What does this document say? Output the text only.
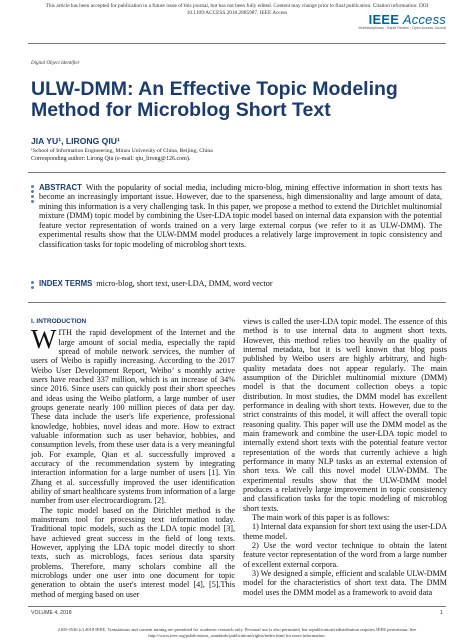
This article has been accepted for publication in a future issue of this journal, but has not been fully edited. Content may change prior to final publication. Citation information: DOI
10.1109/ACCESS.2018.2885987, IEEE Access	IEEE Access
Multidisciplinary : Rapid Review : Open Access Journal
Digital Object Identifier
ULW-DMM: An Effective Topic Modeling Method for Microblog Short Text
JIA YU¹, LIRONG QIU¹
¹School of Information Engineering, Minzu University of China, Beijing, China
Corresponding author: Lirong Qiu (e-mail: qiu_lirong@126.com).
ABSTRACT With the popularity of social media, including micro-blog, mining effective information in short texts has become an increasingly important issue. However, due to the sparseness, high dimensionality and large amount of data, mining this information is a very challenging task. In this paper, we propose a method to extend the Dirichlet multinomial mixture (DMM) topic model by combining the User-LDA topic model based on internal data expansion with the potential feature vector representation of words trained on a very large external corpus (we refer to it as ULW-DMM). The experimental results show that the ULW-DMM model produces a relatively large improvement in topic consistency and classification tasks for topic modeling of microblog short texts.
INDEX TERMS micro-blog, short text, user-LDA, DMM, word vector
I. INTRODUCTION

WITH the rapid development of the Internet and the large amount of social media, especially the rapid spread of mobile network services, the number of users of Weibo is rapidly increasing. According to the 2017 Weibo User Development Report, Weibo’ s monthly active users have reached 337 million, which is an increase of 34% since 2016. Since users can quickly post their short speeches and ideas using the Weibo platform, a large number of user groups generate nearly 100 million pieces of data per day. These data include the user's life experience, professional knowledge, hobbies, novel ideas and more. How to extract valuable information such as user behavior, hobbies, and consumption levels, from these user data is a very meaningful job. For example, Qian et al. successfully improved a accuracy of the recommendation system by integrating interaction information for a large number of users [1]. Yin Zhang et al. successfully improved the user identification ability of smart healthcare systems from information of a large number from user electrocardiogram. [2].

The topic model based on the Dirichlet method is the mainstream tool for processing text information today. Traditional topic models, such as the LDA topic model [3], have achieved great success in the field of long texts. However, applying the LDA topic model directly to short texts, such as microblogs, faces serious data sparsity problems. Therefore, many scholars combine all the microblogs under one user into one document for topic generation to obtain the user's interest model [4], [5].This method of merging based on user

views is called the user-LDA topic model. The essence of this method is to use internal data to augment short texts. However, this method relies too heavily on the quality of internal metadata, but it is well known that blog posts published by Weibo users are highly arbitrary, and high-quality metadata does not appear regularly. The main assumption of the Dirichlet multinomial mixture (DMM) model is that the document collection obeys a topic distribution. In most studies, the DMM model has excellent performance in dealing with short texts. However, due to the strict constraints of this model, it will affect the overall topic reasoning quality. This paper will use the DMM model as the main framework and combine the user-LDA topic model to internally extend short texts with the potential feature vector representation of the words that currently achieve a high performance in many NLP tasks as an external extension of short texs. We call this novel model ULW-DMM. The experimental results show that the ULW-DMM model produces a relatively large improvement in topic consistency and classification tasks for the topic modeling of microblog short texts.

The main work of this paper is as follows:

1) Internal data expansion for short text using the user-LDA theme model.

2) Use the word vector technique to obtain the latent feature vector representation of the word from a large number of excellent external corpora.

3) We designed a simple, efficient and scalable ULW-DMM model for the characteristics of short text data. The DMM model uses the DMM model as a framework to avoid data

VOLUME 4, 2018	1
2169-3536 (c) 2018 IEEE. Translations and content mining are permitted for academic research only. Personal use is also permitted, but republication/redistribution requires IEEE permission. See
http://www.ieee.org/publications_standards/publications/rights/index.html for more information.
